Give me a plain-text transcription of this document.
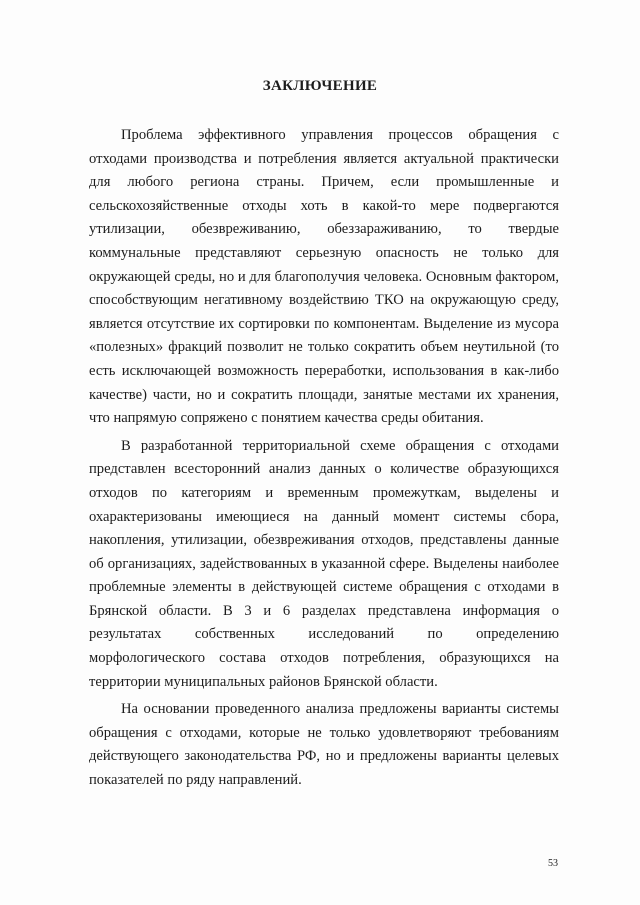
ЗАКЛЮЧЕНИЕ

Проблема эффективного управления процессов обращения с отходами производства и потребления является актуальной практически для любого региона страны. Причем, если промышленные и сельскохозяйственные отходы хоть в какой-то мере подвергаются утилизации, обезвреживанию, обеззараживанию, то твердые коммунальные представляют серьезную опасность не только для окружающей среды, но и для благополучия человека. Основным фактором, способствующим негативному воздействию ТКО на окружающую среду, является отсутствие их сортировки по компонентам. Выделение из мусора «полезных» фракций позволит не только сократить объем неутильной (то есть исключающей возможность переработки, использования в как-либо качестве) части, но и сократить площади, занятые местами их хранения, что напрямую сопряжено с понятием качества среды обитания.

В разработанной территориальной схеме обращения с отходами представлен всесторонний анализ данных о количестве образующихся отходов по категориям и временным промежуткам, выделены и охарактеризованы имеющиеся на данный момент системы сбора, накопления, утилизации, обезвреживания отходов, представлены данные об организациях, задействованных в указанной сфере. Выделены наиболее проблемные элементы в действующей системе обращения с отходами в Брянской области. В 3 и 6 разделах представлена информация о результатах собственных исследований по определению морфологического состава отходов потребления, образующихся на территории муниципальных районов Брянской области.

На основании проведенного анализа предложены варианты системы обращения с отходами, которые не только удовлетворяют требованиям действующего законодательства РФ, но и предложены варианты целевых показателей по ряду направлений.

53
